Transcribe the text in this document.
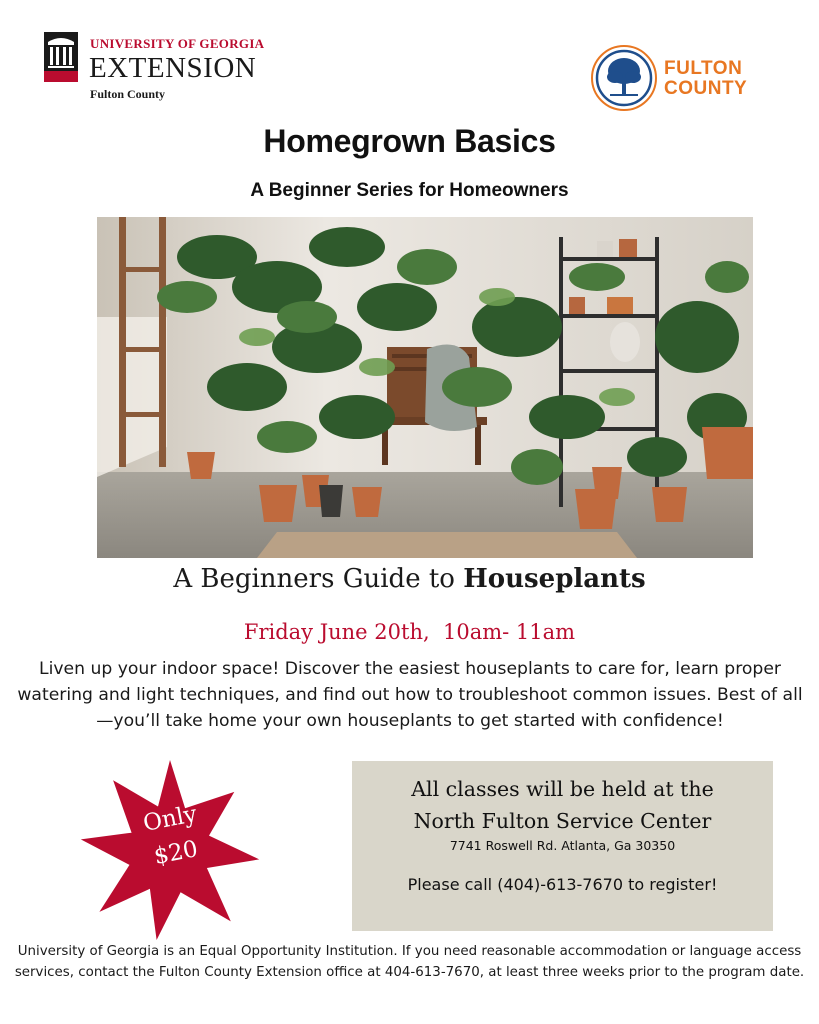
UNIVERSITY OF GEORGIA
EXTENSION
Fulton County
FULTON
COUNTY
Homegrown Basics
A Beginner Series for Homeowners
A Beginners Guide to Houseplants
Friday June 20th,  10am- 11am
Liven up your indoor space! Discover the easiest houseplants to care for, learn proper watering and light techniques, and find out how to troubleshoot common issues. Best of all—you’ll take home your own houseplants to get started with confidence!
Only
$20
All classes will be held at the
North Fulton Service Center
7741 Roswell Rd. Atlanta, Ga 30350
Please call (404)-613-7670 to register!
University of Georgia is an Equal Opportunity Institution. If you need reasonable accommodation or language access services, contact the Fulton County Extension office at 404-613-7670, at least three weeks prior to the program date.
